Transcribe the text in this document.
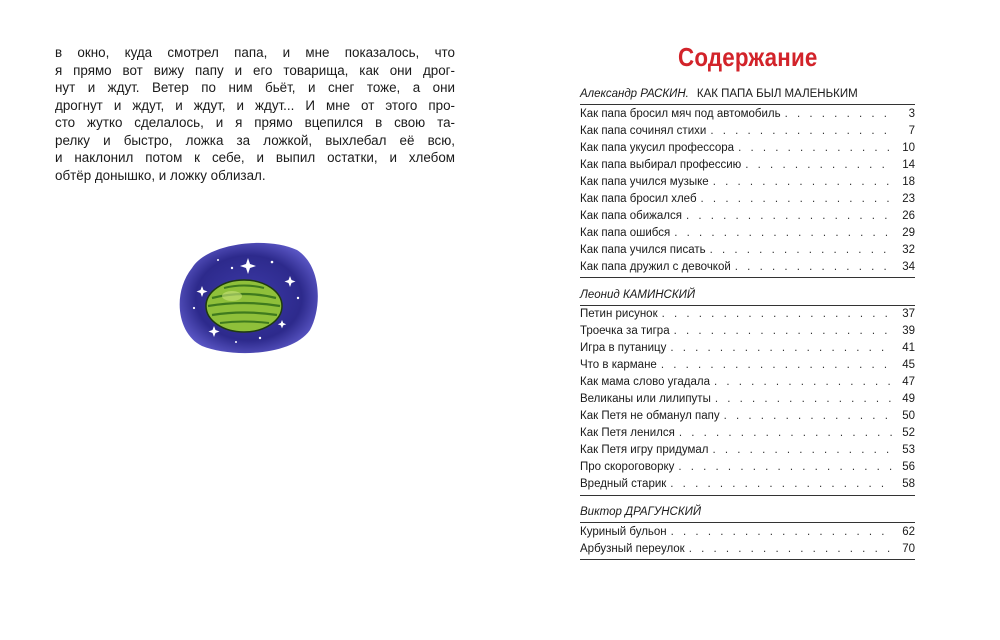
в окно, куда смотрел папа, и мне показалось, что
я прямо вот вижу папу и его товарища, как они дрог-
нут и ждут. Ветер по ним бьёт, и снег тоже, а они
дрогнут и ждут, и ждут, и ждут... И мне от этого про-
сто жутко сделалось, и я прямо вцепился в свою та-
релку и быстро, ложка за ложкой, выхлебал её всю,
и наклонил потом к себе, и выпил остатки, и хлебом
обтёр донышко, и ложку облизал.
Содержание
Александр РАСКИН. КАК ПАПА БЫЛ МАЛЕНЬКИМ
Как папа бросил мяч под автомобиль . . .	3
Как папа сочинял стихи . . .	7
Как папа укусил профессора . . .	10
Как папа выбирал профессию . . .	14
Как папа учился музыке . . .	18
Как папа бросил хлеб . . .	23
Как папа обижался . . .	26
Как папа ошибся . . .	29
Как папа учился писать . . .	32
Как папа дружил с девочкой . . .	34
Леонид КАМИНСКИЙ
Петин рисунок . . .	37
Троечка за тигра . . .	39
Игра в путаницу . . .	41
Что в кармане . . .	45
Как мама слово угадала . . .	47
Великаны или лилипуты . . .	49
Как Петя не обманул папу . . .	50
Как Петя ленился . . .	52
Как Петя игру придумал . . .	53
Про скороговорку . . .	56
Вредный старик . . .	58
Виктор ДРАГУНСКИЙ
Куриный бульон . . .	62
Арбузный переулок . . .	70
